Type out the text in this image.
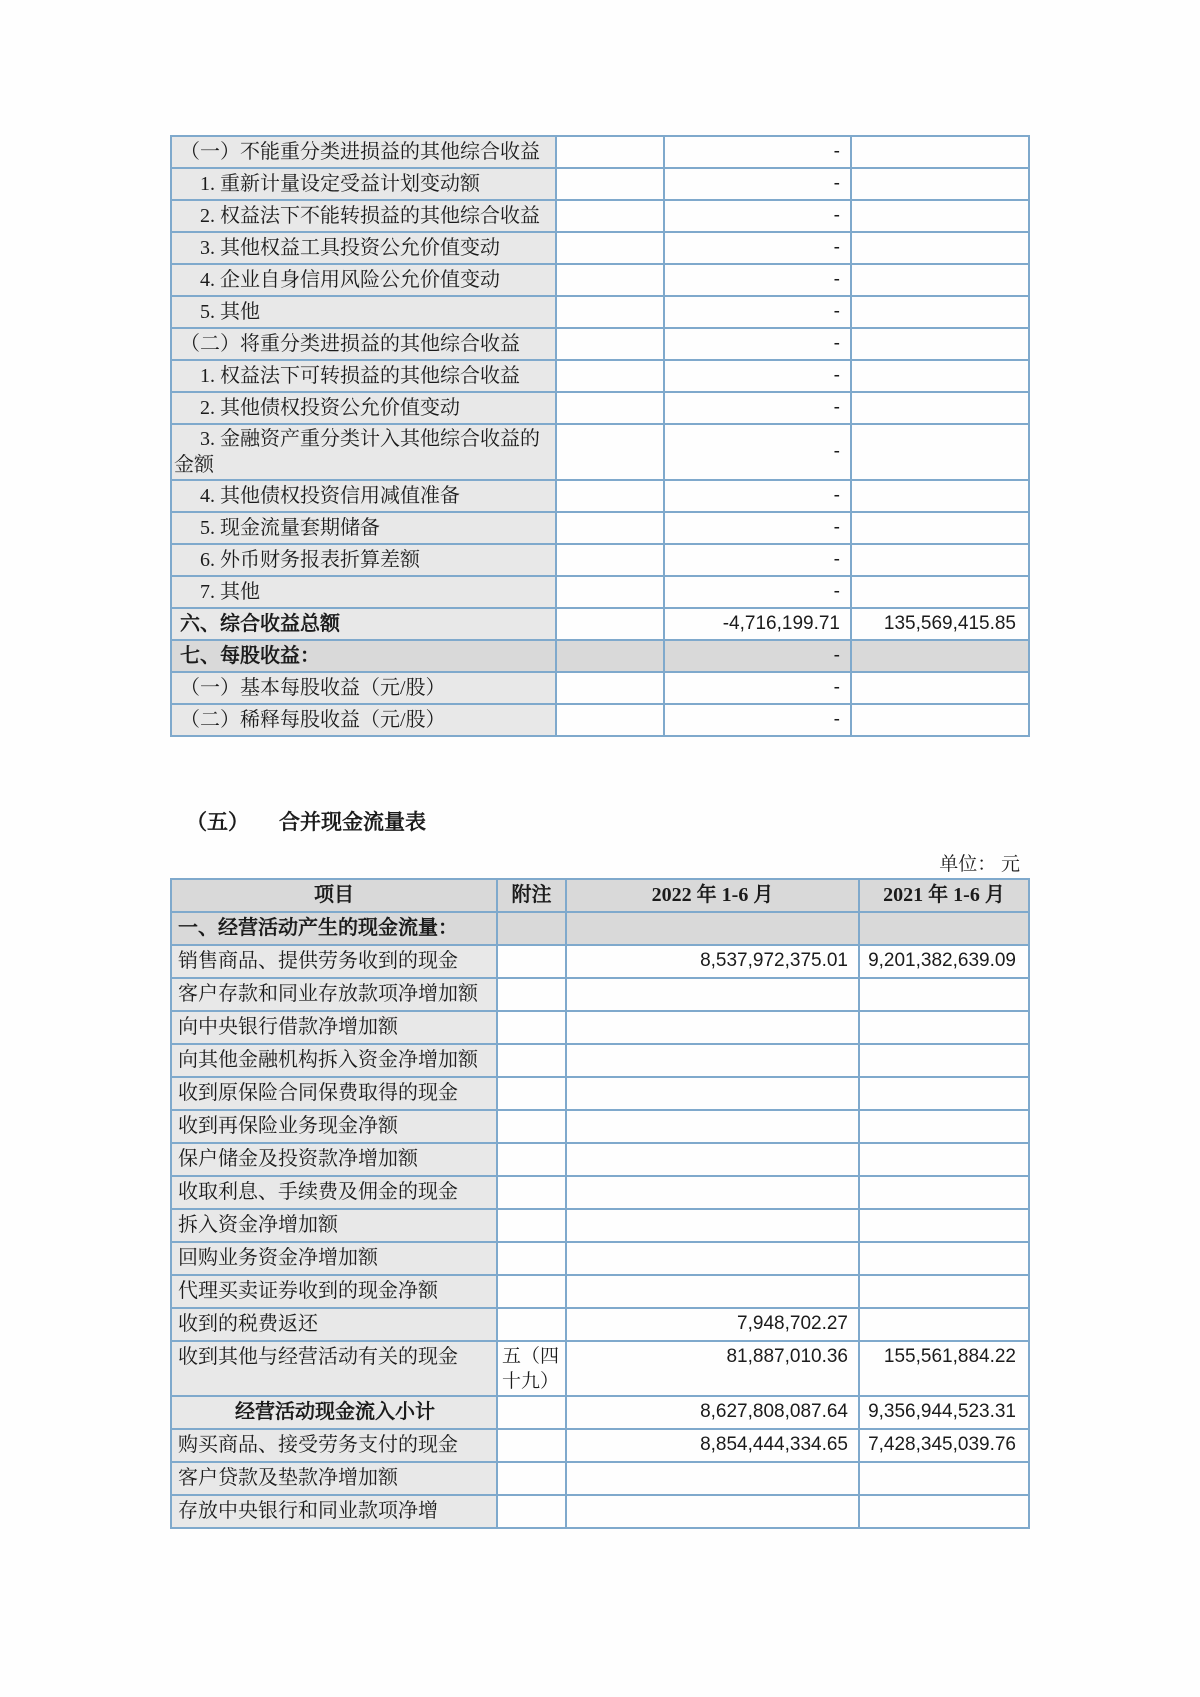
（一）不能重分类进损益的其他综合收益		-	
1. 重新计量设定受益计划变动额		-	
2. 权益法下不能转损益的其他综合收益		-	
3. 其他权益工具投资公允价值变动		-	
4. 企业自身信用风险公允价值变动		-	
5. 其他		-	
（二）将重分类进损益的其他综合收益		-	
1. 权益法下可转损益的其他综合收益		-	
2. 其他债权投资公允价值变动		-	
3. 金融资产重分类计入其他综合收益的金额		-	
4. 其他债权投资信用减值准备		-	
5. 现金流量套期储备		-	
6. 外币财务报表折算差额		-	
7. 其他		-	
六、综合收益总额		-4,716,199.71	135,569,415.85
七、每股收益：		-	
（一）基本每股收益（元/股）		-	
（二）稀释每股收益（元/股）		-	
（五） 合并现金流量表
单位： 元
项目	附注	2022 年 1-6 月	2021 年 1-6 月
一、经营活动产生的现金流量：			
销售商品、提供劳务收到的现金		8,537,972,375.01	9,201,382,639.09
客户存款和同业存放款项净增加额			
向中央银行借款净增加额			
向其他金融机构拆入资金净增加额			
收到原保险合同保费取得的现金			
收到再保险业务现金净额			
保户储金及投资款净增加额			
收取利息、手续费及佣金的现金			
拆入资金净增加额			
回购业务资金净增加额			
代理买卖证券收到的现金净额			
收到的税费返还		7,948,702.27	
收到其他与经营活动有关的现金	五（四十九）	81,887,010.36	155,561,884.22
经营活动现金流入小计		8,627,808,087.64	9,356,944,523.31
购买商品、接受劳务支付的现金		8,854,444,334.65	7,428,345,039.76
客户贷款及垫款净增加额			
存放中央银行和同业款项净增			
